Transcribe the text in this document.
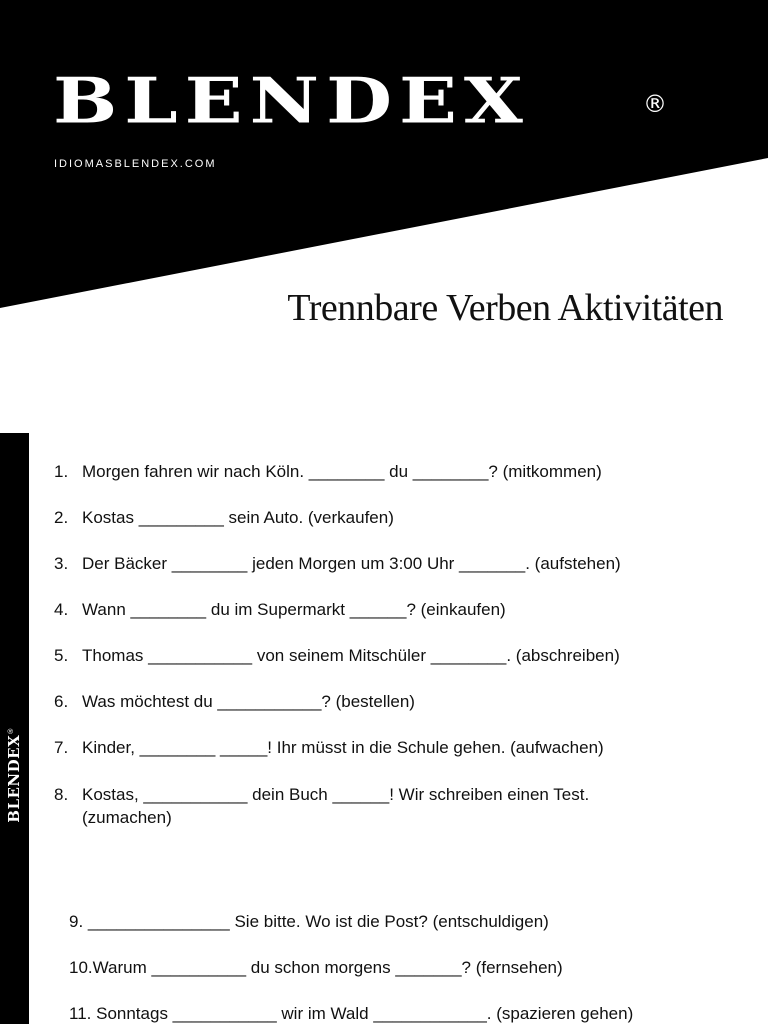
BLENDEX	®
IDIOMASBLENDEX.COM
Trennbare Verben Aktivitäten
BLENDEX®
1. Morgen fahren wir nach Köln. ________ du ________? (mitkommen)
2. Kostas _________ sein Auto. (verkaufen)
3. Der Bäcker ________ jeden Morgen um 3:00 Uhr _______. (aufstehen)
4. Wann ________ du im Supermarkt ______? (einkaufen)
5. Thomas ___________ von seinem Mitschüler ________. (abschreiben)
6. Was möchtest du ___________? (bestellen)
7. Kinder, ________ _____! Ihr müsst in die Schule gehen. (aufwachen)
8. Kostas, ___________ dein Buch ______! Wir schreiben einen Test.
(zumachen)
9. _______________ Sie bitte. Wo ist die Post? (entschuldigen)
10.Warum __________ du schon morgens _______? (fernsehen)
11. Sonntags ___________ wir im Wald ____________. (spazieren gehen)
